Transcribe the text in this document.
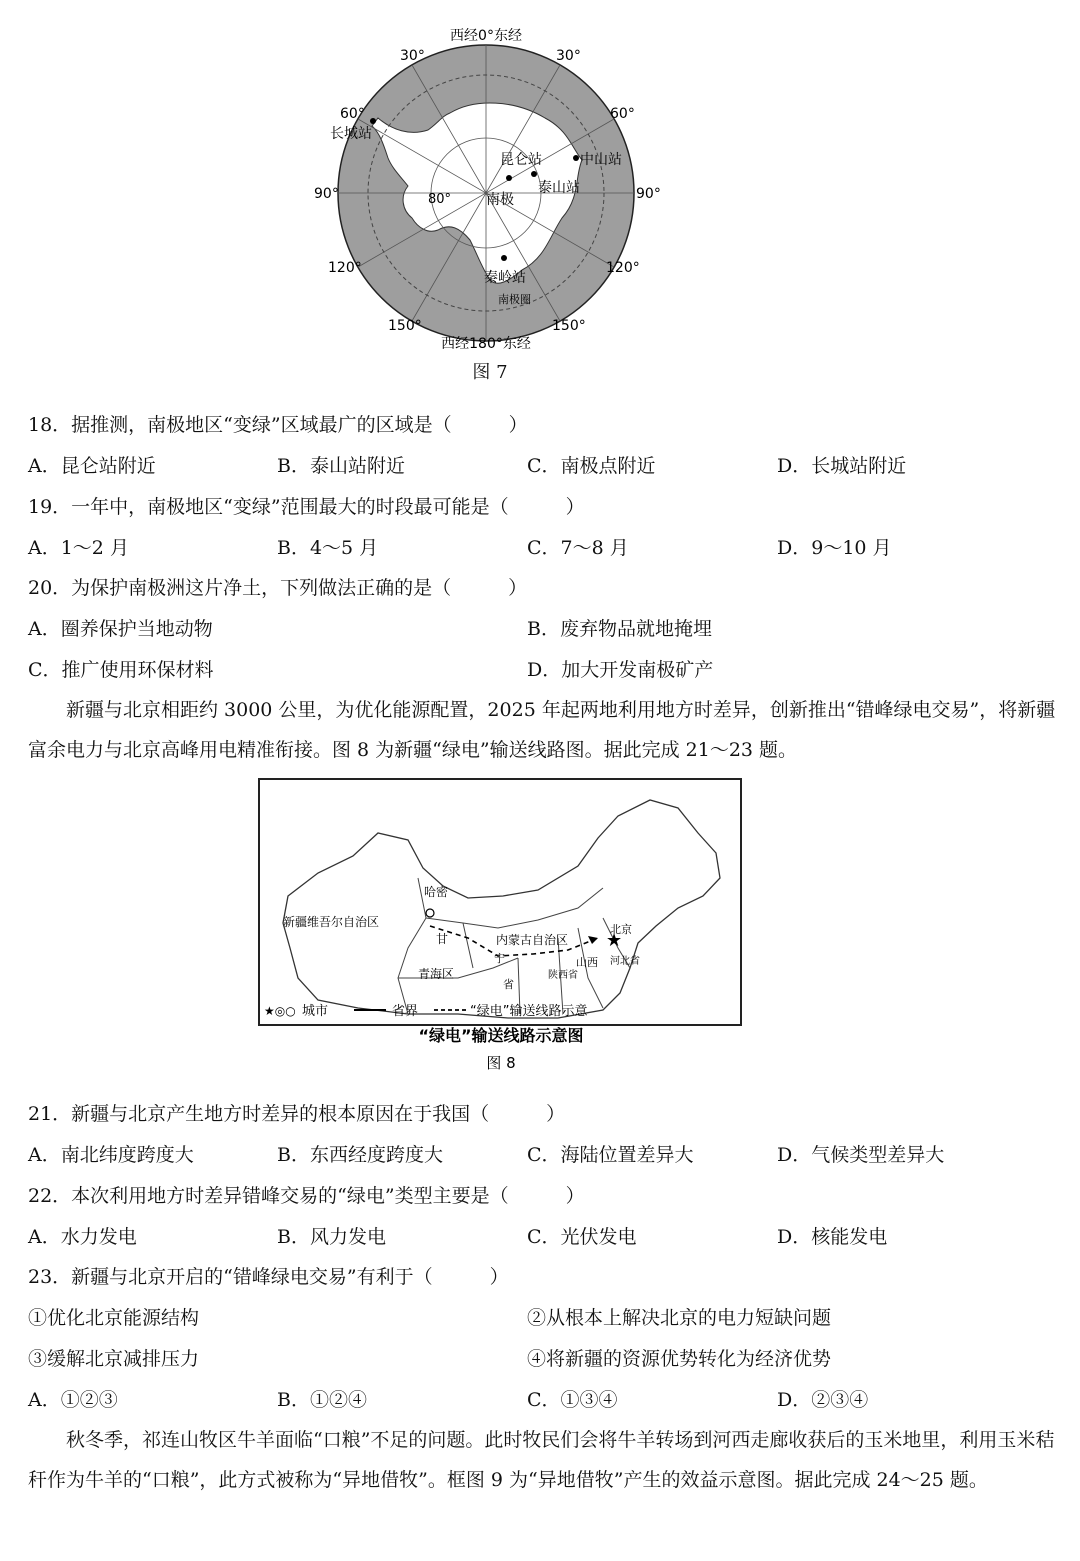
西经0°东经
西经180°东经
30°	30°
60°	60°
90°	90°
120°	120°
150°	150°
80°
长城站
昆仑站	中山站
泰山站
南极
秦岭站
南极圈
图 7
18．据推测，南极地区“变绿”区域最广的区域是（　　　）
A．昆仑站附近	B．泰山站附近	C．南极点附近	D．长城站附近
19．一年中，南极地区“变绿”范围最大的时段最可能是（　　　）
A．1～2 月	B．4～5 月	C．7～8 月	D．9～10 月
20．为保护南极洲这片净土，下列做法正确的是（　　　）
A．圈养保护当地动物	B．废弃物品就地掩埋
C．推广使用环保材料	D．加大开发南极矿产
新疆与北京相距约 3000 公里，为优化能源配置，2025 年起两地利用地方时差异，创新推出“错峰绿电交易”，将新疆富余电力与北京高峰用电精准衔接。图 8 为新疆“绿电”输送线路图。据此完成 21～23 题。
★
新疆维吾尔自治区
哈密
甘	内蒙古自治区
青海区
宁
省
山西
北京
河北省
陕西省
★◎○ 城市	省界	“绿电”输送线路示意
“绿电”输送线路示意图
图 8
21．新疆与北京产生地方时差异的根本原因在于我国（　　　）
A．南北纬度跨度大	B．东西经度跨度大	C．海陆位置差异大	D．气候类型差异大
22．本次利用地方时差异错峰交易的“绿电”类型主要是（　　　）
A．水力发电	B．风力发电	C．光伏发电	D．核能发电
23．新疆与北京开启的“错峰绿电交易”有利于（　　　）
①优化北京能源结构	②从根本上解决北京的电力短缺问题
③缓解北京减排压力	④将新疆的资源优势转化为经济优势
A．①②③	B．①②④	C．①③④	D．②③④
秋冬季，祁连山牧区牛羊面临“口粮”不足的问题。此时牧民们会将牛羊转场到河西走廊收获后的玉米地里，利用玉米秸秆作为牛羊的“口粮”，此方式被称为“异地借牧”。框图 9 为“异地借牧”产生的效益示意图。据此完成 24～25 题。
